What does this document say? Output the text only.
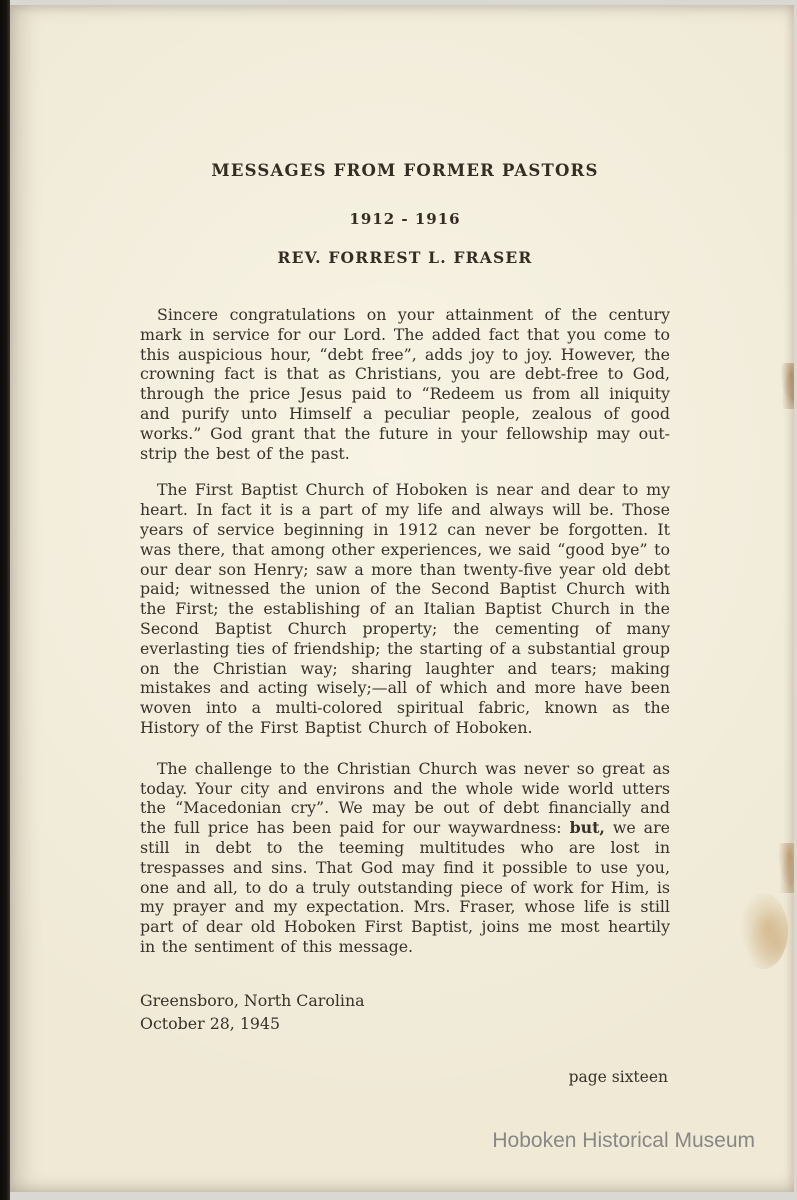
MESSAGES FROM FORMER PASTORS
1912 - 1916
REV. FORREST L. FRASER

Sincere congratulations on your attainment of the century mark in service for our Lord. The added fact that you come to this auspicious hour, “debt free”, adds joy to joy. However, the crowning fact is that as Christians, you are debt-free to God, through the price Jesus paid to “Redeem us from all iniquity and purify unto Himself a peculiar people, zealous of good works.” God grant that the future in your fellowship may out-strip the best of the past.

The First Baptist Church of Hoboken is near and dear to my heart. In fact it is a part of my life and always will be. Those years of service beginning in 1912 can never be forgotten. It was there, that among other experiences, we said “good bye” to our dear son Henry; saw a more than twenty-five year old debt paid; witnessed the union of the Second Baptist Church with the First; the establishing of an Italian Baptist Church in the Second Baptist Church property; the cementing of many everlasting ties of friendship; the starting of a substantial group on the Christian way; sharing laughter and tears; making mistakes and acting wisely;—all of which and more have been woven into a multi-colored spiritual fabric, known as the History of the First Baptist Church of Hoboken.

The challenge to the Christian Church was never so great as today. Your city and environs and the whole wide world utters the “Macedonian cry”. We may be out of debt financially and the full price has been paid for our waywardness: but, we are still in debt to the teeming multitudes who are lost in trespasses and sins. That God may find it possible to use you, one and all, to do a truly outstanding piece of work for Him, is my prayer and my expectation. Mrs. Fraser, whose life is still part of dear old Hoboken First Baptist, joins me most heartily in the sentiment of this message.

Greensboro, North Carolina
October 28, 1945
page sixteen
Hoboken Historical Museum
